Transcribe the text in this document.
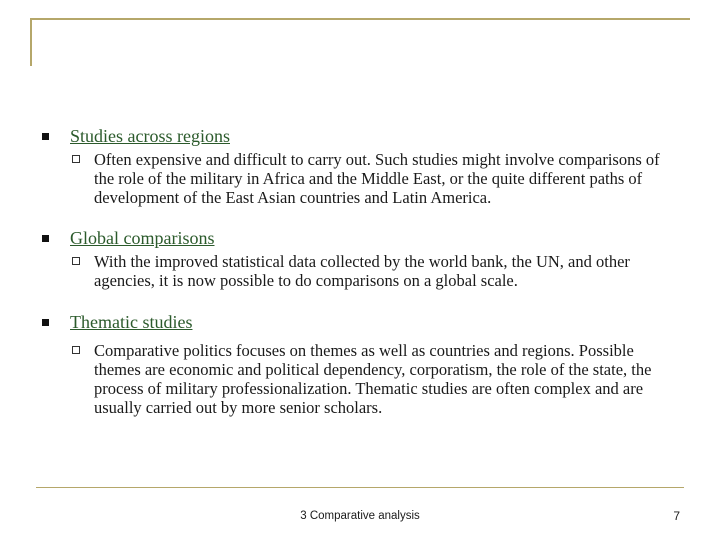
Studies across regions
Often expensive and difficult to carry out. Such studies might involve comparisons of the role of the military in Africa and the Middle East, or the quite different paths of development of the East Asian countries and Latin America.
Global comparisons
With the improved statistical data collected by the world bank, the UN, and other agencies, it is now possible to do comparisons on a global scale.
Thematic studies
Comparative politics focuses on themes as well as countries and regions. Possible themes are economic and political dependency, corporatism, the role of the state, the process of military professionalization. Thematic studies are often complex and are usually carried out by more senior scholars.
3 Comparative analysis	7
